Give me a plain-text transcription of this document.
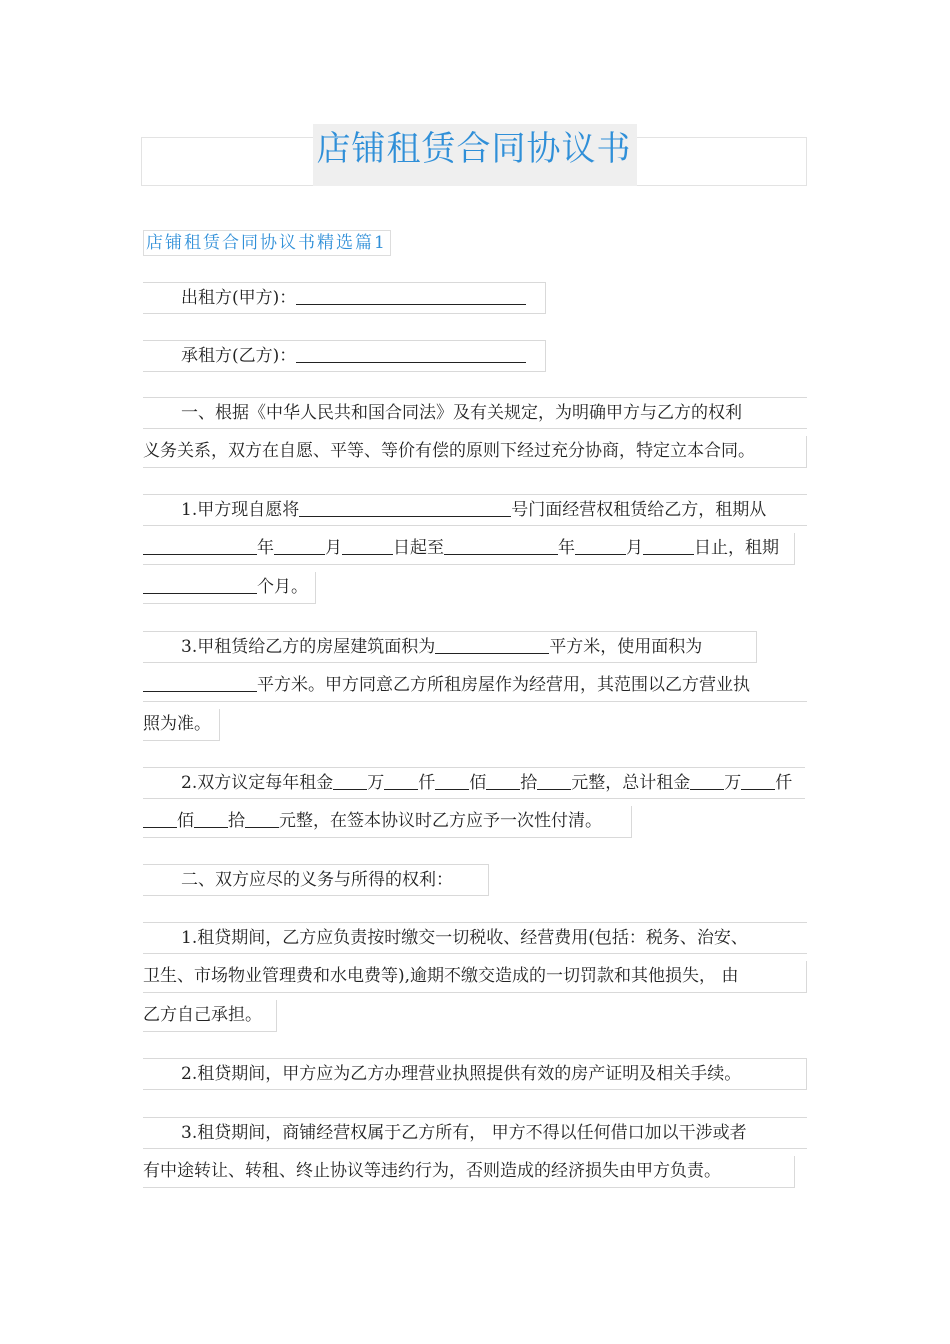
店铺租赁合同协议书
店铺租赁合同协议书精选篇1
出租方(甲方)：
承租方(乙方)：
一、根据《中华人民共和国合同法》及有关规定，为明确甲方与乙方的权利
义务关系，双方在自愿、平等、等价有偿的原则下经过充分协商，特定立本合同。
1.甲方现自愿将	号门面经营权租赁给乙方，租期从
年	月	日起至	年	月	日止，租期
个月。
3.甲租赁给乙方的房屋建筑面积为	平方米，使用面积为
平方米。甲方同意乙方所租房屋作为经营用，其范围以乙方营业执
照为准。
2.双方议定每年租金 万 仟 佰 拾 元整，总计租金 万 仟
佰 拾 元整，在签本协议时乙方应予一次性付清。
二、双方应尽的义务与所得的权利：
1.租贷期间，乙方应负责按时缴交一切税收、经营费用(包括：税务、治安、
卫生、市场物业管理费和水电费等),逾期不缴交造成的一切罚款和其他损失， 由
乙方自己承担。
2.租贷期间，甲方应为乙方办理营业执照提供有效的房产证明及相关手续。
3.租贷期间，商铺经营权属于乙方所有， 甲方不得以任何借口加以干涉或者
有中途转让、转租、终止协议等违约行为，否则造成的经济损失由甲方负责。
